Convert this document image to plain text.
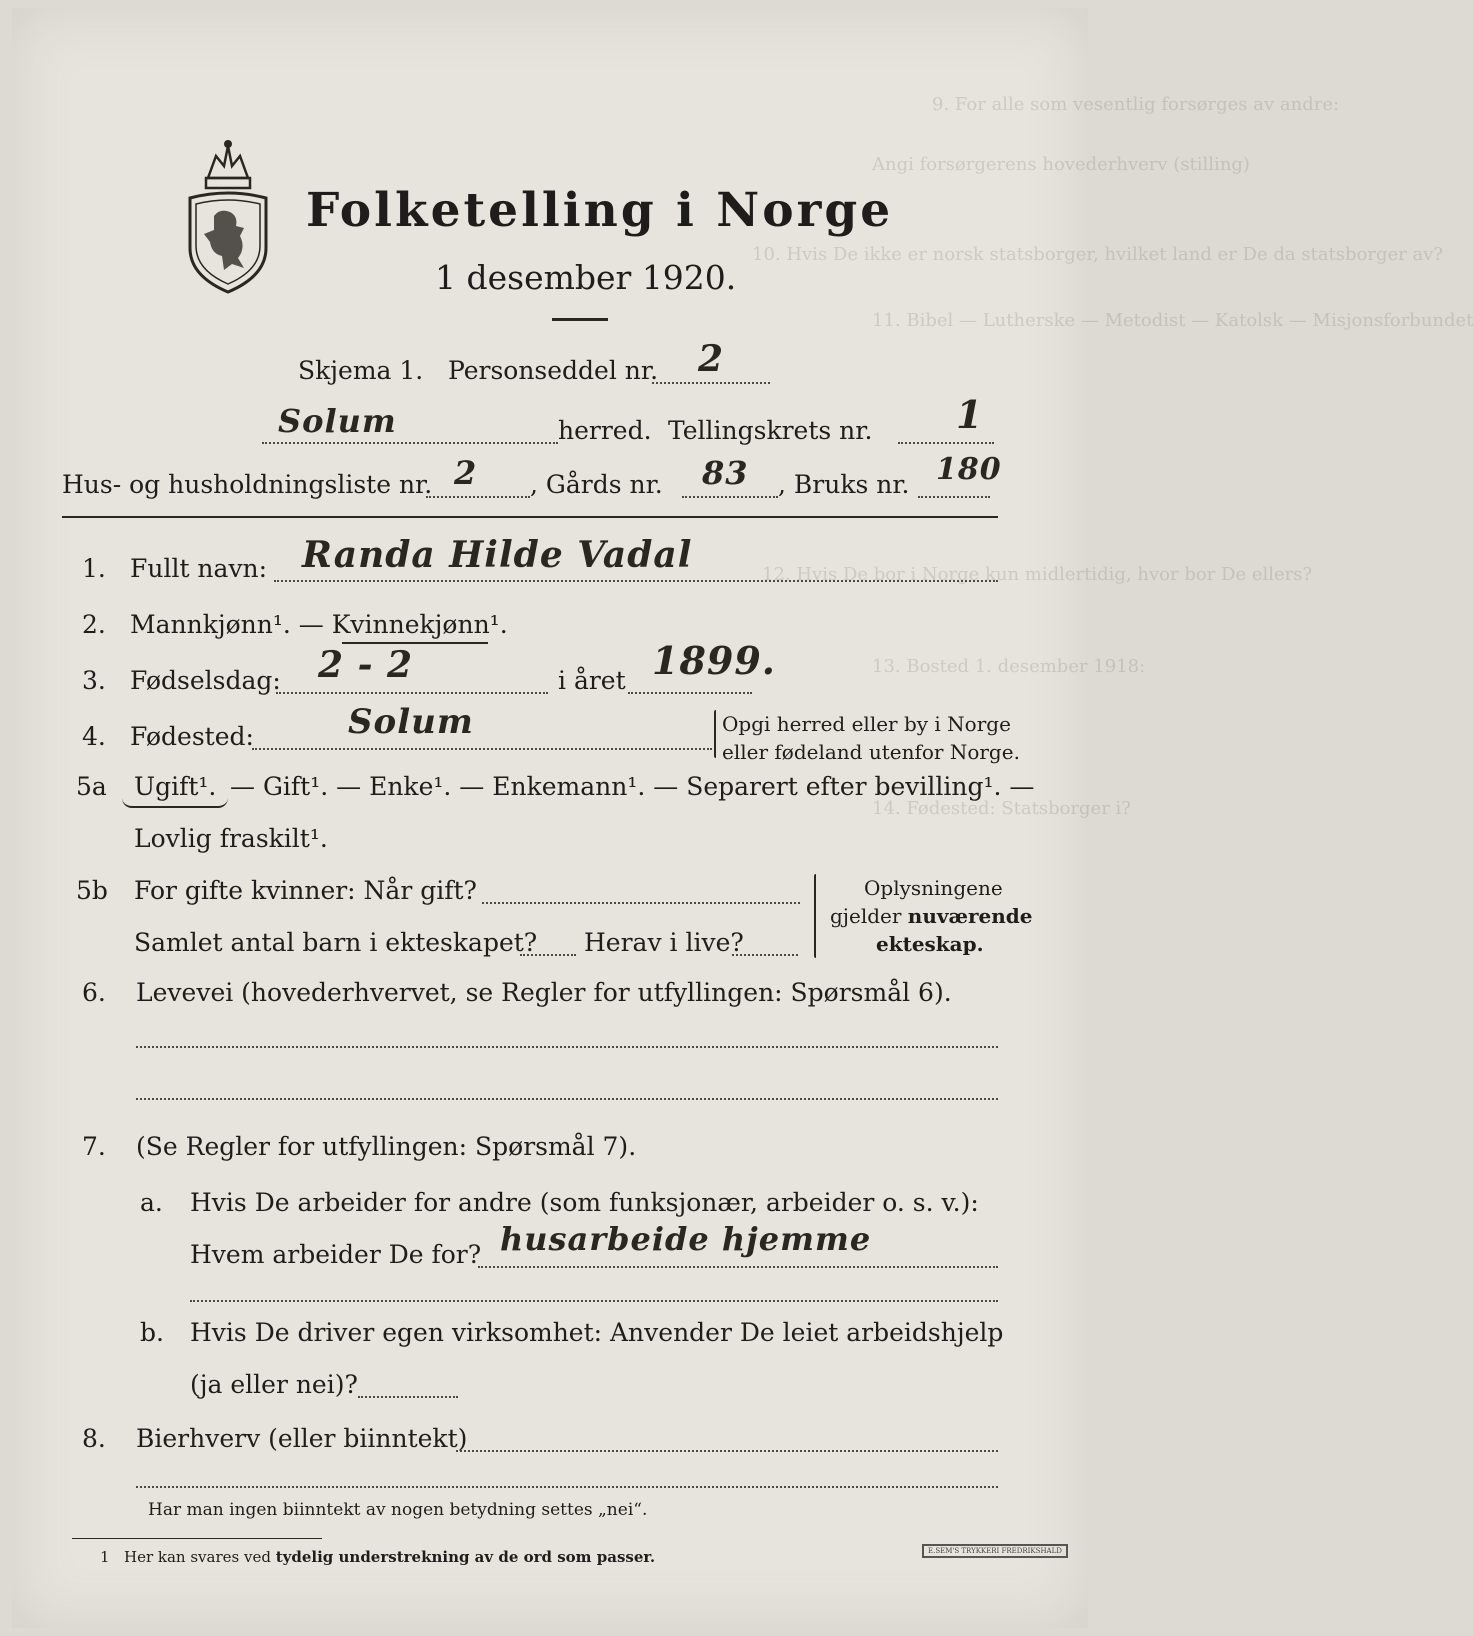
9. For alle som vesentlig forsørges av andre:
Angi forsørgerens hovederhverv (stilling)
10. Hvis De ikke er norsk statsborger, hvilket land er De da statsborger av?
11. Bibel — Lutherske — Metodist — Katolsk — Misjonsforbundet
12. Hvis De bor i Norge kun midlertidig, hvor bor De ellers?
13. Bosted 1. desember 1918:
14. Fødested: Statsborger i?
Folketelling i Norge
1 desember 1920.
Skjema 1. Personseddel nr. 2
Solum	herred. Tellingskrets nr. 1
Hus- og husholdningsliste nr. 2 , Gårds nr. 83 , Bruks nr. 180
1. Fullt navn: Randa Hilde Vadal
2. Mannkjønn¹. — Kvinnekjønn¹.
3. Fødselsdag: 2 - 2	i året 1899.
4. Fødested:	Solum	Opgi herred eller by i Norge
eller fødeland utenfor Norge.
5a Ugift¹. — Gift¹. — Enke¹. — Enkemann¹. — Separert efter bevilling¹. —
Lovlig fraskilt¹.
5b For gifte kvinner: Når gift?
Samlet antal barn i ekteskapet? Herav i live?
Oplysningene
gjelder nuværende
ekteskap.
6. Levevei (hovederhvervet, se Regler for utfyllingen: Spørsmål 6).
7. (Se Regler for utfyllingen: Spørsmål 7).
a. Hvis De arbeider for andre (som funksjonær, arbeider o. s. v.):
Hvem arbeider De for? husarbeide hjemme
b. Hvis De driver egen virksomhet: Anvender De leiet arbeidshjelp
(ja eller nei)?
8. Bierhverv (eller biinntekt)
Har man ingen biinntekt av nogen betydning settes „nei“.
1 Her kan svares ved tydelig understrekning av de ord som passer.	E.SEM'S TRYKKERI FREDRIKSHALD
